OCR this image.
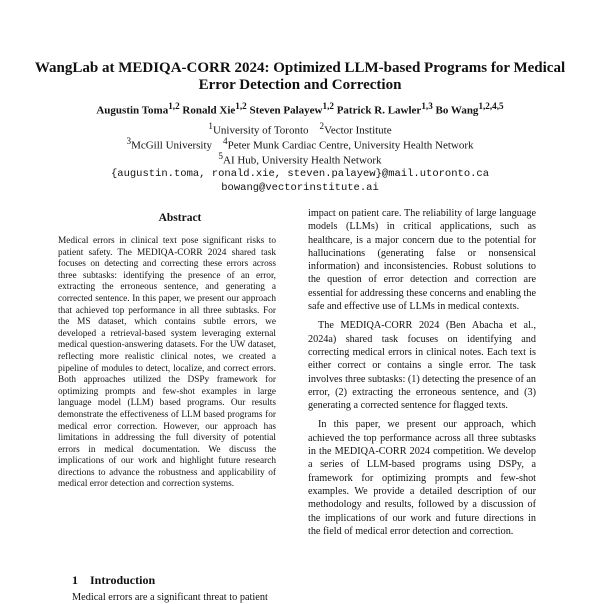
WangLab at MEDIQA-CORR 2024: Optimized LLM-based Programs for Medical Error Detection and Correction
Augustin Toma$^{1,2}$ Ronald Xie$^{1,2}$ Steven Palayew$^{1,2}$ Patrick R. Lawler$^{1,3}$ Bo Wang$^{1,2,4,5}$
$^1$University of Toronto $^2$Vector Institute
$^3$McGill University $^4$Peter Munk Cardiac Centre, University Health Network
$^5$AI Hub, University Health Network
{augustin.toma, ronald.xie, steven.palayew}@mail.utoronto.ca
bowang@vectorinstitute.ai
Abstract
Medical errors in clinical text pose significant risks to patient safety. The MEDIQA-CORR 2024 shared task focuses on detecting and correcting these errors across three subtasks: identifying the presence of an error, extracting the erroneous sentence, and generating a corrected sentence. In this paper, we present our approach that achieved top performance in all three subtasks. For the MS dataset, which contains subtle errors, we developed a retrieval-based system leveraging external medical question-answering datasets. For the UW dataset, reflecting more realistic clinical notes, we created a pipeline of modules to detect, localize, and correct errors. Both approaches utilized the DSPy framework for optimizing prompts and few-shot examples in large language model (LLM) based programs. Our results demonstrate the effectiveness of LLM based programs for medical error correction. However, our approach has limitations in addressing the full diversity of potential errors in medical documentation. We discuss the implications of our work and highlight future research directions to advance the robustness and applicability of medical error detection and correction systems.
1 Introduction
Medical errors are a significant threat to patient

impact on patient care. The reliability of large language models (LLMs) in critical applications, such as healthcare, is a major concern due to the potential for hallucinations (generating false or nonsensical information) and inconsistencies. Robust solutions to the question of error detection and correction are essential for addressing these concerns and enabling the safe and effective use of LLMs in medical contexts.

The MEDIQA-CORR 2024 (Ben Abacha et al., 2024a) shared task focuses on identifying and correcting medical errors in clinical notes. Each text is either correct or contains a single error. The task involves three subtasks: (1) detecting the presence of an error, (2) extracting the erroneous sentence, and (3) generating a corrected sentence for flagged texts.

In this paper, we present our approach, which achieved the top performance across all three subtasks in the MEDIQA-CORR 2024 competition. We develop a series of LLM-based programs using DSPy, a framework for optimizing prompts and few-shot examples. We provide a detailed description of our methodology and results, followed by a discussion of the implications of our work and future directions in the field of medical error detection and correction.
